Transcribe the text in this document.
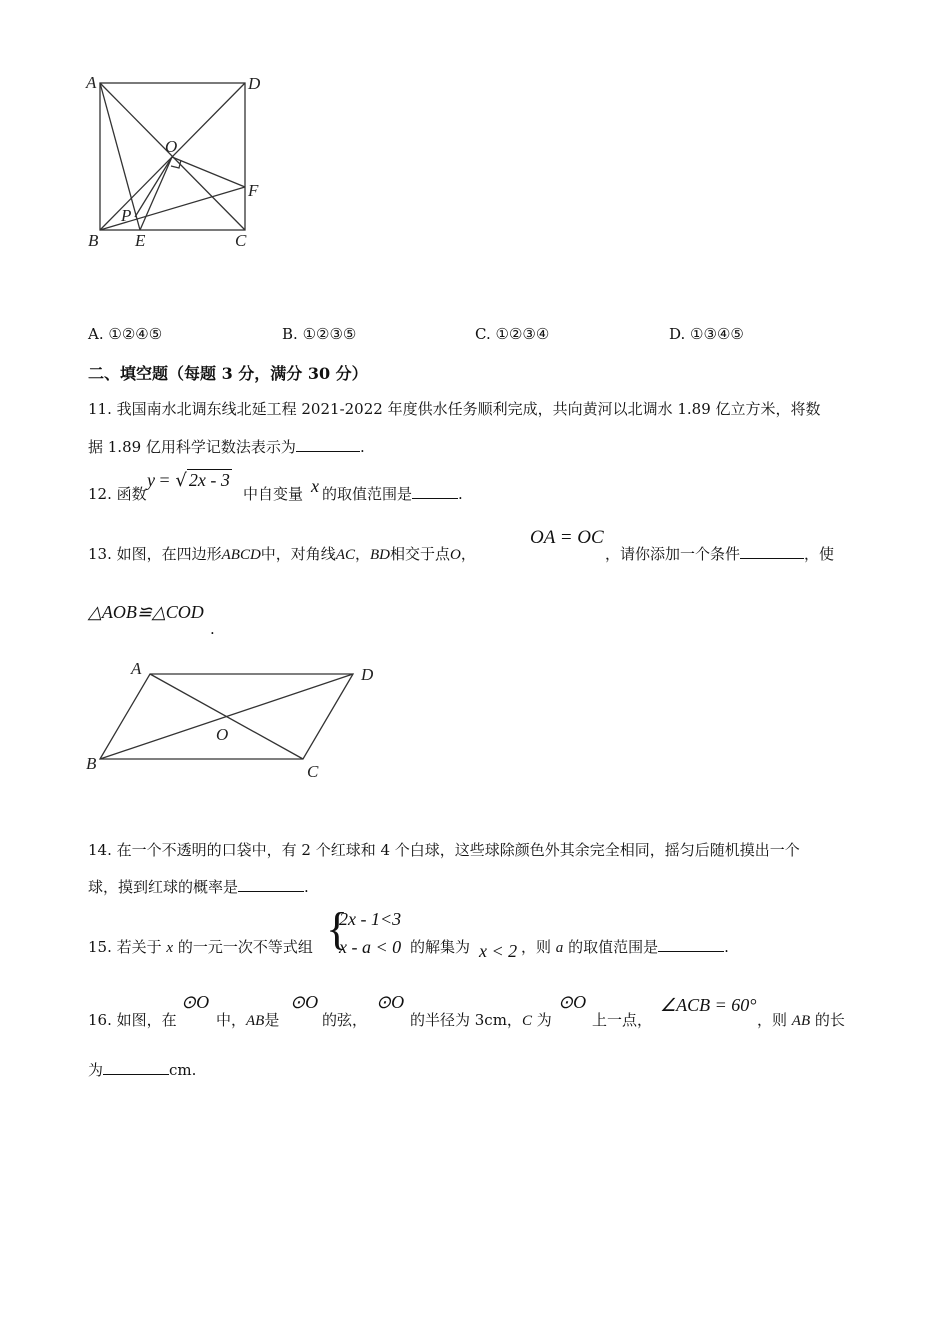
A	D
O
F
P
B E	C
A. ①②④⑤	B. ①②③⑤	C. ①②③④	D. ①③④⑤
二、填空题（每题 3 分，满分 30 分）
11. 我国南水北调东线北延工程 2021-2022 年度供水任务顺利完成，共向黄河以北调水 1.89 亿立方米，将数
据 1.89 亿用科学记数法表示为	.
12. 函数
y = √ 2x - 3
中自变量 x 的取值范围是	.
13. 如图，在四边形ABCD中，对角线AC，BD相交于点O，
OA = OC
，请你添加一个条件	，使
△AOB≌△COD
.
A	D
O
B	C
14. 在一个不透明的口袋中，有 2 个红球和 4 个白球，这些球除颜色外其余完全相同，摇匀后随机摸出一个
球，摸到红球的概率是	.
15. 若关于 x 的一元一次不等式组 {
2x - 1<3
x - a < 0 的解集为 x < 2 ，则 a 的取值范围是	.
16. 如图，在
⊙O
中，AB是
⊙O
的弦，
⊙O
的半径为 3cm，C 为
⊙O
上一点，
∠ACB = 60°
，则 AB 的长
为	cm.
